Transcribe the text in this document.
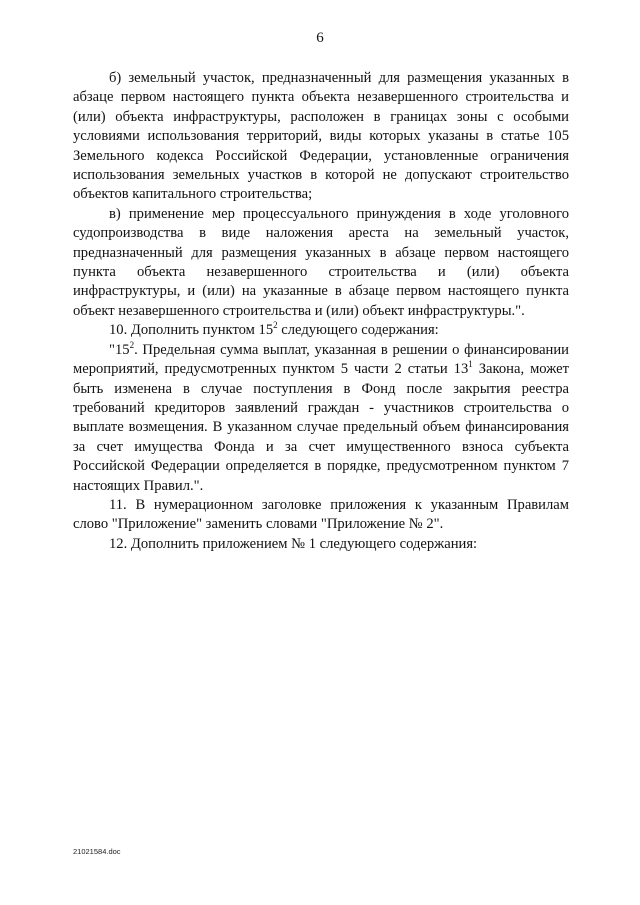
6

б) земельный участок, предназначенный для размещения указанных в абзаце первом настоящего пункта объекта незавершенного строительства и (или) объекта инфраструктуры, расположен в границах зоны с особыми условиями использования территорий, виды которых указаны в статье 105 Земельного кодекса Российской Федерации, установленные ограничения использования земельных участков в которой не допускают строительство объектов капитального строительства;

в) применение мер процессуального принуждения в ходе уголовного судопроизводства в виде наложения ареста на земельный участок, предназначенный для размещения указанных в абзаце первом настоящего пункта объекта незавершенного строительства и (или) объекта инфраструктуры, и (или) на указанные в абзаце первом настоящего пункта объект незавершенного строительства и (или) объект инфраструктуры.".

10. Дополнить пунктом $15^2$ следующего содержания:

"$15^2$. Предельная сумма выплат, указанная в решении о финансировании мероприятий, предусмотренных пунктом 5 части 2 статьи $13^1$ Закона, может быть изменена в случае поступления в Фонд после закрытия реестра требований кредиторов заявлений граждан - участников строительства о выплате возмещения. В указанном случае предельный объем финансирования за счет имущества Фонда и за счет имущественного взноса субъекта Российской Федерации определяется в порядке, предусмотренном пунктом 7 настоящих Правил.".

11. В нумерационном заголовке приложения к указанным Правилам слово "Приложение" заменить словами "Приложение № 2".

12. Дополнить приложением № 1 следующего содержания:

21021584.doc
